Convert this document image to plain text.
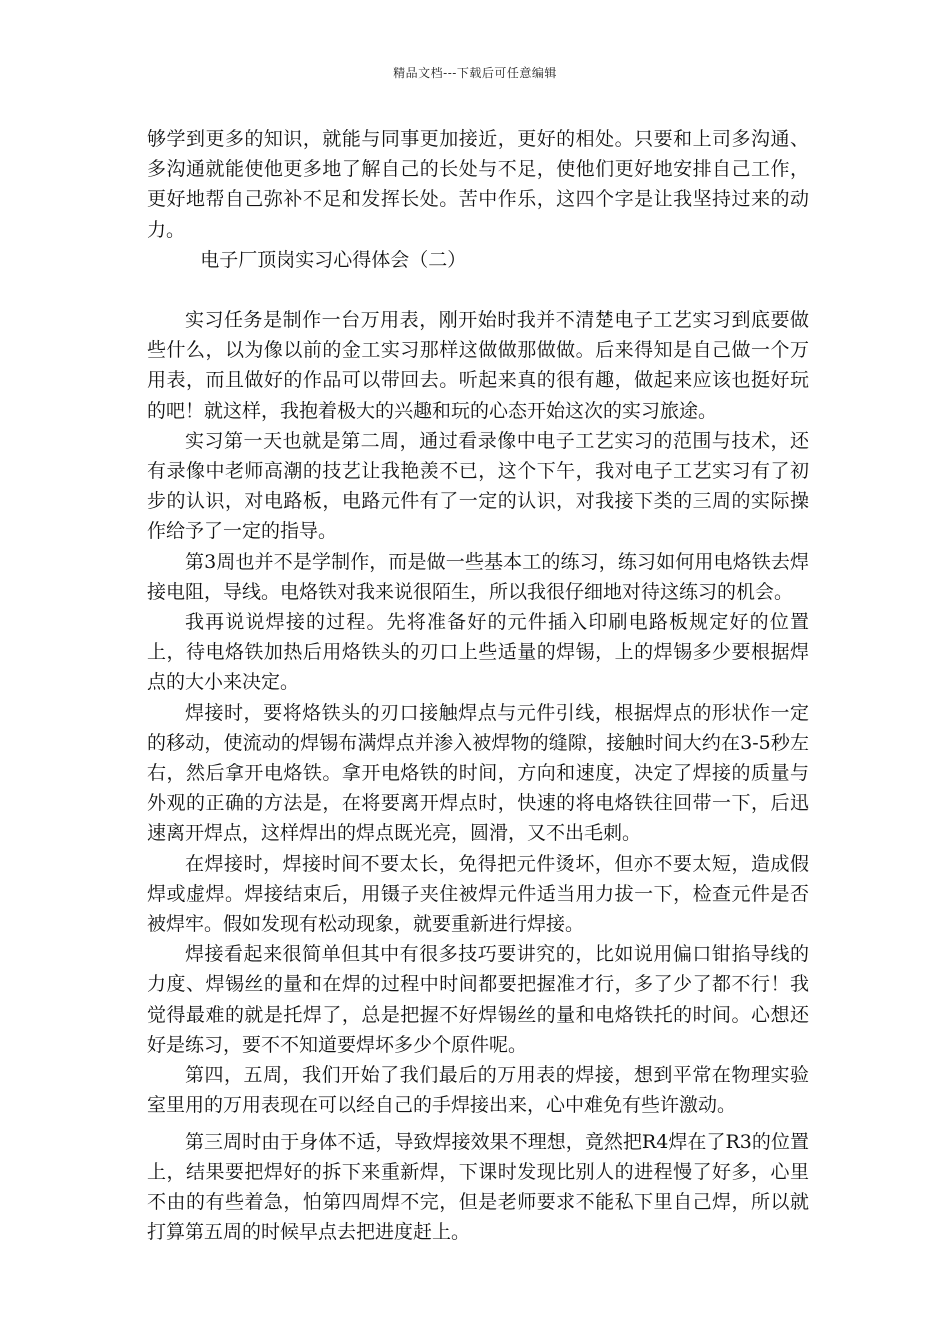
精品文档---下载后可任意编辑

够学到更多的知识，就能与同事更加接近，更好的相处。只要和上司多沟通、多沟通就能使他更多地了解自己的长处与不足，使他们更好地安排自己工作，更好地帮自己弥补不足和发挥长处。苦中作乐，这四个字是让我坚持过来的动力。

电子厂顶岗实习心得体会（二）

实习任务是制作一台万用表，刚开始时我并不清楚电子工艺实习到底要做些什么，以为像以前的金工实习那样这做做那做做。后来得知是自己做一个万用表，而且做好的作品可以带回去。听起来真的很有趣，做起来应该也挺好玩的吧！就这样，我抱着极大的兴趣和玩的心态开始这次的实习旅途。

实习第一天也就是第二周，通过看录像中电子工艺实习的范围与技术，还有录像中老师高潮的技艺让我艳羡不已，这个下午，我对电子工艺实习有了初步的认识，对电路板，电路元件有了一定的认识，对我接下类的三周的实际操作给予了一定的指导。

第3周也并不是学制作，而是做一些基本工的练习，练习如何用电烙铁去焊接电阻，导线。电烙铁对我来说很陌生，所以我很仔细地对待这练习的机会。

我再说说焊接的过程。先将准备好的元件插入印刷电路板规定好的位置上，待电烙铁加热后用烙铁头的刃口上些适量的焊锡，上的焊锡多少要根据焊点的大小来决定。

焊接时，要将烙铁头的刃口接触焊点与元件引线，根据焊点的形状作一定的移动，使流动的焊锡布满焊点并渗入被焊物的缝隙，接触时间大约在3-5秒左右，然后拿开电烙铁。拿开电烙铁的时间，方向和速度，决定了焊接的质量与外观的正确的方法是，在将要离开焊点时，快速的将电烙铁往回带一下，后迅速离开焊点，这样焊出的焊点既光亮，圆滑，又不出毛刺。

在焊接时，焊接时间不要太长，免得把元件烫坏，但亦不要太短，造成假焊或虚焊。焊接结束后，用镊子夹住被焊元件适当用力拔一下，检查元件是否被焊牢。假如发现有松动现象，就要重新进行焊接。

焊接看起来很简单但其中有很多技巧要讲究的，比如说用偏口钳掐导线的力度、焊锡丝的量和在焊的过程中时间都要把握准才行，多了少了都不行！我觉得最难的就是托焊了，总是把握不好焊锡丝的量和电烙铁托的时间。心想还好是练习，要不不知道要焊坏多少个原件呢。

第四，五周，我们开始了我们最后的万用表的焊接，想到平常在物理实验室里用的万用表现在可以经自己的手焊接出来，心中难免有些许激动。

第三周时由于身体不适，导致焊接效果不理想，竟然把R4焊在了R3的位置上，结果要把焊好的拆下来重新焊，下课时发现比别人的进程慢了好多，心里不由的有些着急，怕第四周焊不完，但是老师要求不能私下里自己焊，所以就打算第五周的时候早点去把进度赶上。
